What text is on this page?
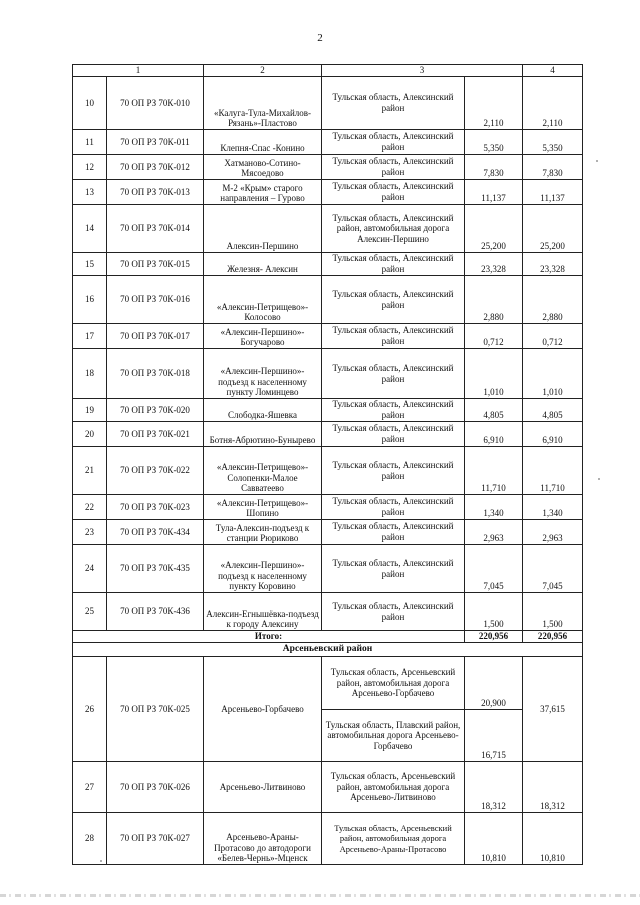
2
1		2	3		4
10	70 ОП РЗ 70К-010	«Калуга-Тула-Михайлов-Рязань»-Пластово	Тульская область, Алексинский район	2,110	2,110
11	70 ОП РЗ 70К-011	Клепня-Спас -Конино	Тульская область, Алексинский район	5,350	5,350
12	70 ОП РЗ 70К-012	Хатманово-Сотино-Мясоедово	Тульская область, Алексинский район	7,830	7,830
13	70 ОП РЗ 70К-013	М-2 «Крым» старого направления – Гурово	Тульская область, Алексинский район	11,137	11,137
14	70 ОП РЗ 70К-014	Алексин-Першино	Тульская область, Алексинский район, автомобильная дорога Алексин-Першино	25,200	25,200
15	70 ОП РЗ 70К-015	Железня- Алексин	Тульская область, Алексинский район	23,328	23,328
16	70 ОП РЗ 70К-016	«Алексин-Петрищево»-Колосово	Тульская область, Алексинский район	2,880	2,880
17	70 ОП РЗ 70К-017	«Алексин-Першино»-Богучарово	Тульская область, Алексинский район	0,712	0,712
18	70 ОП РЗ 70К-018	«Алексин-Першино»-подъезд к населенному пункту Ломинцево	Тульская область, Алексинский район	1,010	1,010
19	70 ОП РЗ 70К-020	Слободка-Яшевка	Тульская область, Алексинский район	4,805	4,805
20	70 ОП РЗ 70К-021	Ботня-Абрютино-Бунырево	Тульская область, Алексинский район	6,910	6,910
21	70 ОП РЗ 70К-022	«Алексин-Петрищево»-Солопенки-Малое Савватеево	Тульская область, Алексинский район	11,710	11,710
22	70 ОП РЗ 70К-023	«Алексин-Петрищево»-Шопино	Тульская область, Алексинский район	1,340	1,340
23	70 ОП РЗ 70К-434	Тула-Алексин-подъезд к станции Рюриково	Тульская область, Алексинский район	2,963	2,963
24	70 ОП РЗ 70К-435	«Алексин-Першино»-подъезд к населенному пункту Коровино	Тульская область, Алексинский район	7,045	7,045
25	70 ОП РЗ 70К-436	Алексин-Егнышёвка-подъезд к городу Алексину	Тульская область, Алексинский район	1,500	1,500
Итого:				220,956	220,956
Арсеньевский район					
26	70 ОП РЗ 70К-025	Арсеньево-Горбачево	Тульская область, Арсеньевский район, автомобильная дорога Арсеньево-Горбачево	20,900	37,615
			Тульская область, Плавский район, автомобильная дорога Арсеньево-Горбачево	16,715	
27	70 ОП РЗ 70К-026	Арсеньево-Литвиново	Тульская область, Арсеньевский район, автомобильная дорога Арсеньево-Литвиново	18,312	18,312
28	70 ОП РЗ 70К-027	Арсеньево-Араны-Протасово до автодороги «Белев-Чернь»-Мценск	Тульская область, Арсеньевский район, автомобильная дорога Арсеньево-Араны-Протасово	10,810	10,810
